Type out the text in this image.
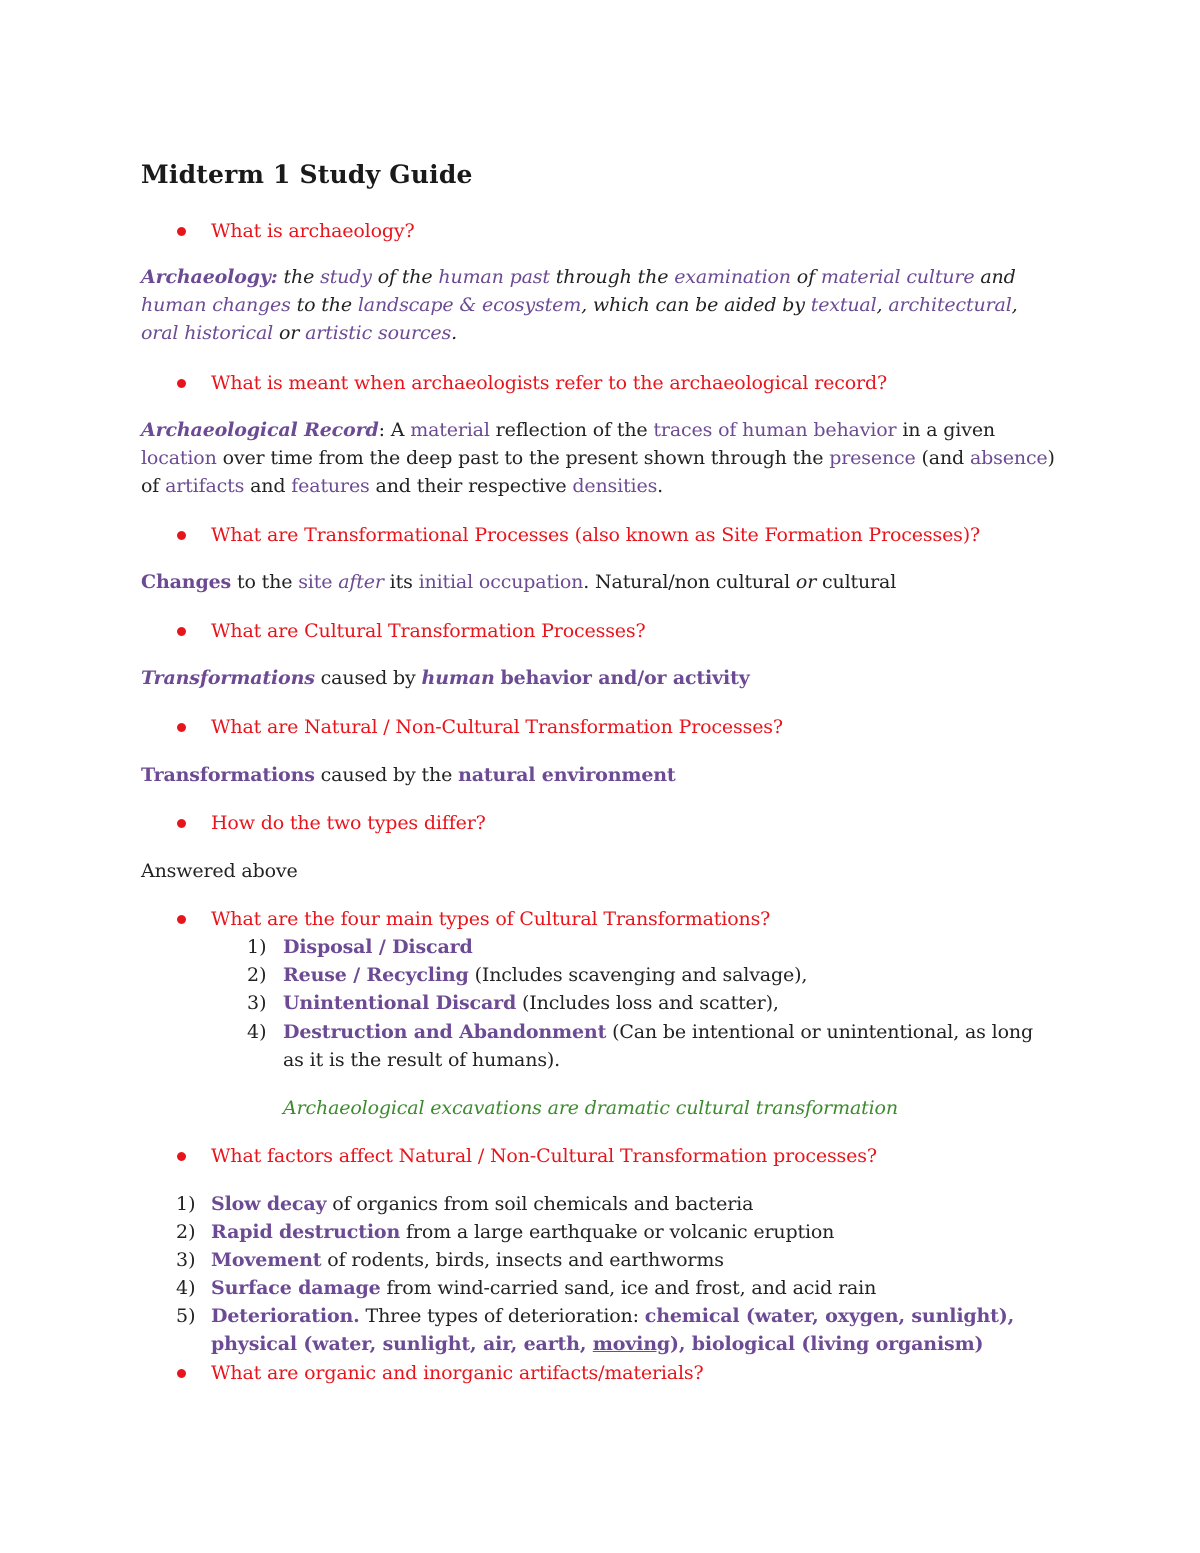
Midterm 1 Study Guide
What is archaeology?
Archaeology: the study of the human past through the examination of material culture and
human changes to the landscape & ecosystem, which can be aided by textual, architectural,
oral historical or artistic sources.
What is meant when archaeologists refer to the archaeological record?
Archaeological Record: A material reflection of the traces of human behavior in a given
location over time from the deep past to the present shown through the presence (and absence)
of artifacts and features and their respective densities.
What are Transformational Processes (also known as Site Formation Processes)?
Changes to the site after its initial occupation. Natural/non cultural or cultural
What are Cultural Transformation Processes?
Transformations caused by human behavior and/or activity
What are Natural / Non-Cultural Transformation Processes?
Transformations caused by the natural environment
How do the two types differ?
Answered above
What are the four main types of Cultural Transformations?
1) Disposal / Discard
2) Reuse / Recycling (Includes scavenging and salvage),
3) Unintentional Discard (Includes loss and scatter),
4) Destruction and Abandonment (Can be intentional or unintentional, as long
as it is the result of humans).
Archaeological excavations are dramatic cultural transformation
What factors affect Natural / Non-Cultural Transformation processes?
1) Slow decay of organics from soil chemicals and bacteria
2) Rapid destruction from a large earthquake or volcanic eruption
3) Movement of rodents, birds, insects and earthworms
4) Surface damage from wind-carried sand, ice and frost, and acid rain
5) Deterioration. Three types of deterioration: chemical (water, oxygen, sunlight),
physical (water, sunlight, air, earth, moving), biological (living organism)
What are organic and inorganic artifacts/materials?
